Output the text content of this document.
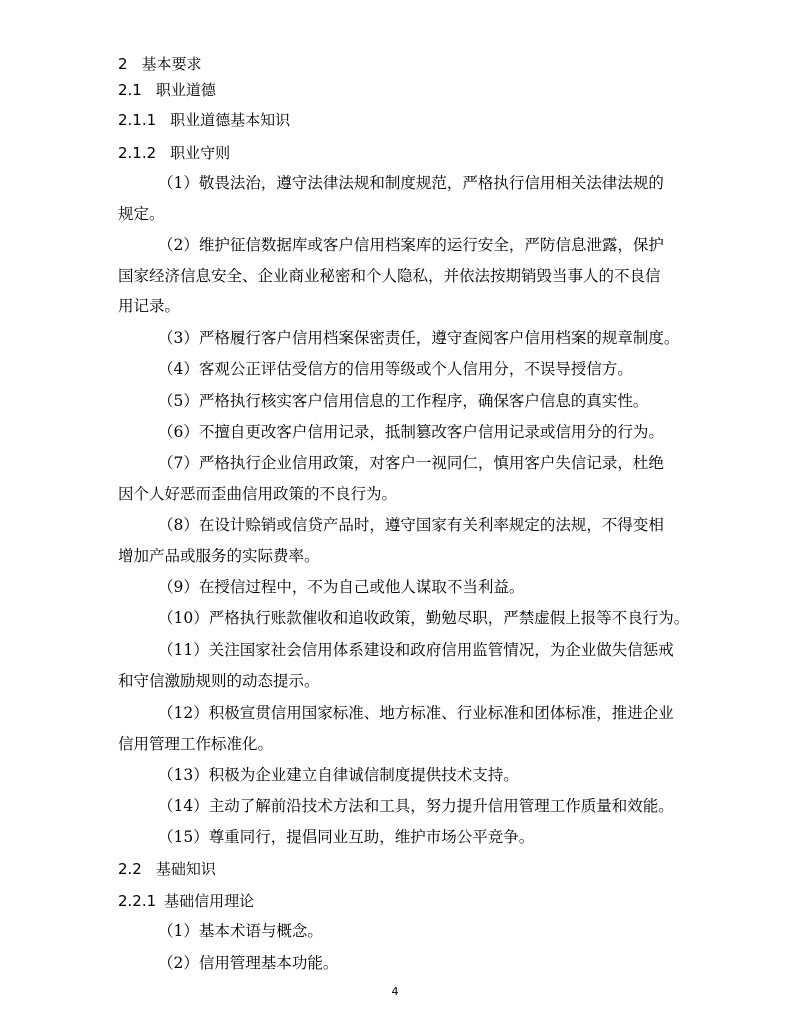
2 基本要求
2.1 职业道德
2.1.1 职业道德基本知识
2.1.2 职业守则
（1）敬畏法治，遵守法律法规和制度规范，严格执行信用相关法律法规的
规定。
（2）维护征信数据库或客户信用档案库的运行安全，严防信息泄露，保护
国家经济信息安全、企业商业秘密和个人隐私，并依法按期销毁当事人的不良信
用记录。
（3）严格履行客户信用档案保密责任，遵守查阅客户信用档案的规章制度。
（4）客观公正评估受信方的信用等级或个人信用分，不误导授信方。
（5）严格执行核实客户信用信息的工作程序，确保客户信息的真实性。
（6）不擅自更改客户信用记录，抵制篡改客户信用记录或信用分的行为。
（7）严格执行企业信用政策，对客户一视同仁，慎用客户失信记录，杜绝
因个人好恶而歪曲信用政策的不良行为。
（8）在设计赊销或信贷产品时，遵守国家有关利率规定的法规，不得变相
增加产品或服务的实际费率。
（9）在授信过程中，不为自己或他人谋取不当利益。
（10）严格执行账款催收和追收政策，勤勉尽职，严禁虚假上报等不良行为。
（11）关注国家社会信用体系建设和政府信用监管情况，为企业做失信惩戒
和守信激励规则的动态提示。
（12）积极宣贯信用国家标准、地方标准、行业标准和团体标准，推进企业
信用管理工作标准化。
（13）积极为企业建立自律诚信制度提供技术支持。
（14）主动了解前沿技术方法和工具，努力提升信用管理工作质量和效能。
（15）尊重同行，提倡同业互助，维护市场公平竞争。
2.2 基础知识
2.2.1 基础信用理论
（1）基本术语与概念。
（2）信用管理基本功能。
4
